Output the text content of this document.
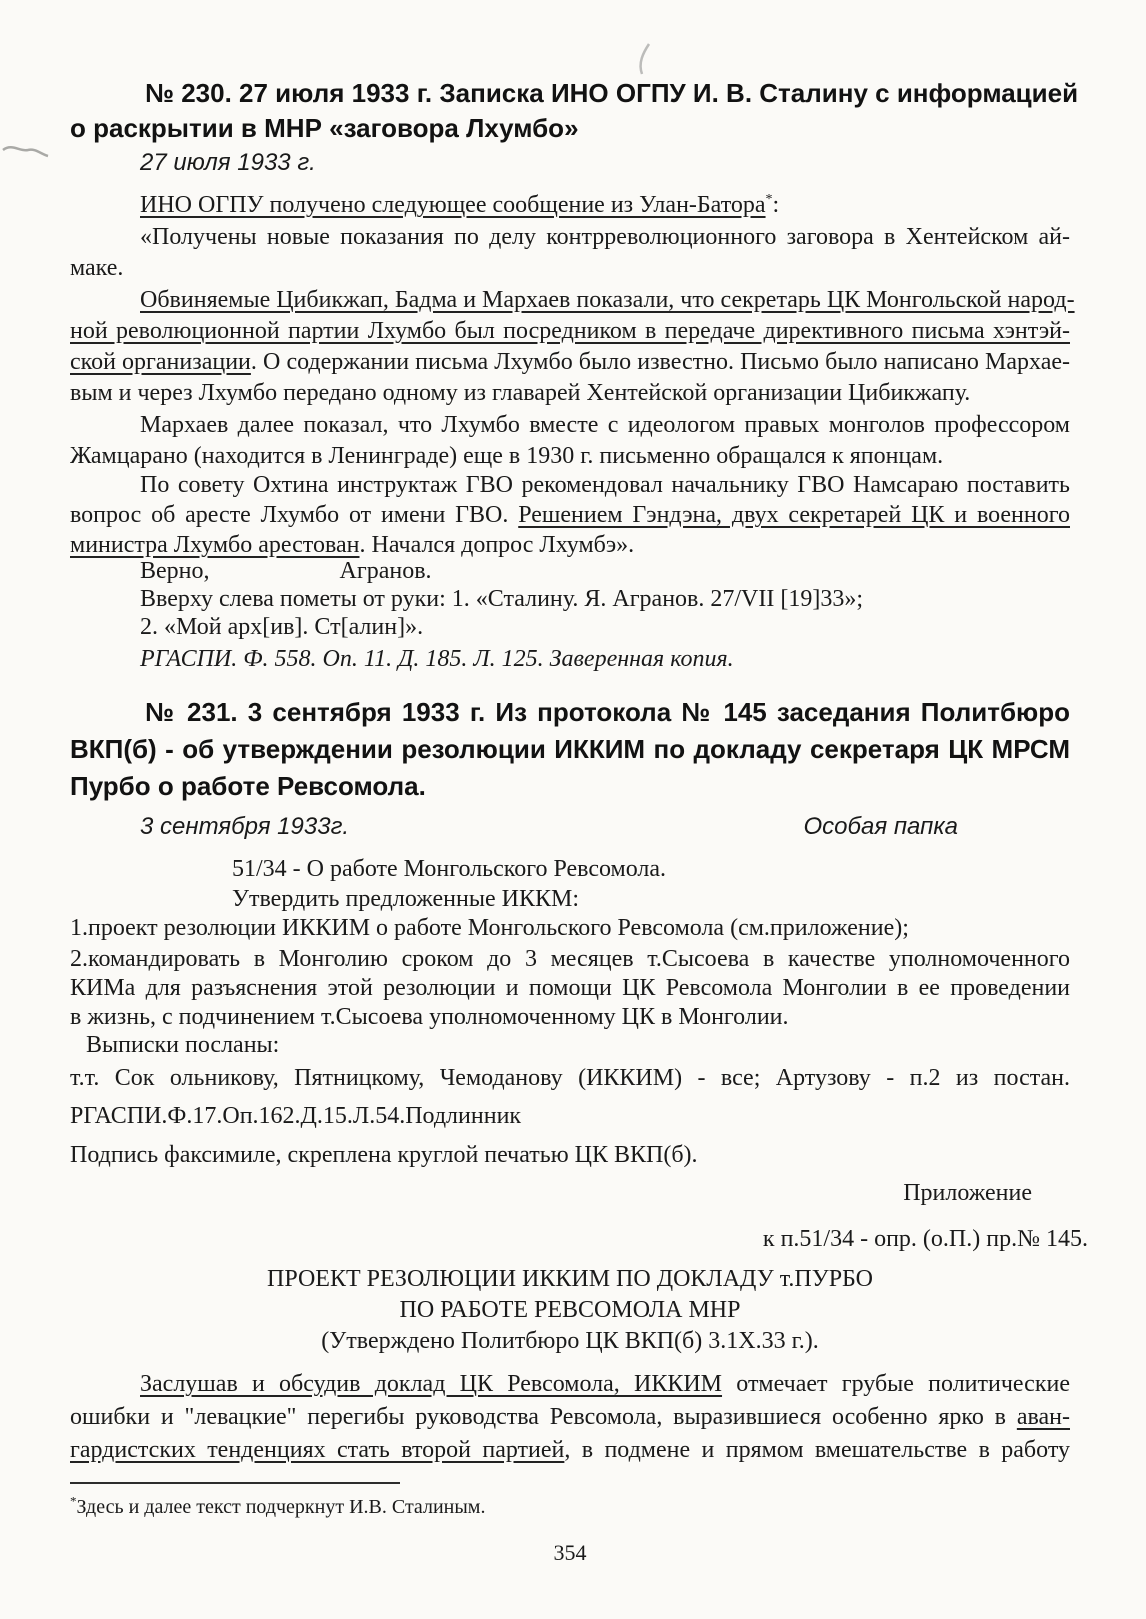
№ 230. 27 июля 1933 г. Записка ИНО ОГПУ И. В. Сталину с информацией
о раскрытии в МНР «заговора Лхумбо»
27 июля 1933 г.
ИНО ОГПУ получено следующее сообщение из Улан-Батора*:
«Получены новые показания по делу контрреволюционного заговора в Хентейском ай-
маке.
Обвиняемые Цибикжап, Бадма и Мархаев показали, что секретарь ЦК Монгольской народ-
ной революционной партии Лхумбо был посредником в передаче директивного письма хэнтэй-
ской организации. О содержании письма Лхумбо было известно. Письмо было написано Мархае-
вым и через Лхумбо передано одному из главарей Хентейской организации Цибикжапу.
Мархаев далее показал, что Лхумбо вместе с идеологом правых монголов профессором
Жамцарано (находится в Ленинграде) еще в 1930 г. письменно обращался к японцам.
По совету Охтина инструктаж ГВО рекомендовал начальнику ГВО Намсараю поставить
вопрос об аресте Лхумбо от имени ГВО. Решением Гэндэна, двух секретарей ЦК и военного
министра Лхумбо арестован. Начался допрос Лхумбэ».
Верно,	Агранов.
Вверху слева пометы от руки: 1. «Сталину. Я. Агранов. 27/VII [19]33»;
2. «Мой арх[ив]. Ст[алин]».
РГАСПИ. Ф. 558. Оп. 11. Д. 185. Л. 125. Заверенная копия.
№ 231. 3 сентября 1933 г. Из протокола № 145 заседания Политбюро
ВКП(б) - об утверждении резолюции ИККИМ по докладу секретаря ЦК МРСМ
Пурбо о работе Ревсомола.
3 сентября 1933г.	Особая папка
51/34 - О работе Монгольского Ревсомола.
Утвердить предложенные ИККМ:
1.проект резолюции ИККИМ о работе Монгольского Ревсомола (см.приложение);
2.командировать в Монголию сроком до 3 месяцев т.Сысоева в качестве уполномоченного
КИМа для разъяснения этой резолюции и помощи ЦК Ревсомола Монголии в ее проведении
в жизнь, с подчинением т.Сысоева уполномоченному ЦК в Монголии.
Выписки посланы:
т.т. Сок ольникову, Пятницкому, Чемоданову (ИККИМ) - все; Артузову - п.2 из постан.
РГАСПИ.Ф.17.Оп.162.Д.15.Л.54.Подлинник
Подпись факсимиле, скреплена круглой печатью ЦК ВКП(б).
Приложение
к п.51/34 - опр. (о.П.) пр.№ 145.
ПРОЕКТ РЕЗОЛЮЦИИ ИККИМ ПО ДОКЛАДУ т.ПУРБО
ПО РАБОТЕ РЕВСОМОЛА МНР
(Утверждено Политбюро ЦК ВКП(б) 3.1Х.33 г.).
Заслушав и обсудив доклад ЦК Ревсомола, ИККИМ отмечает грубые политические
ошибки и "левацкие" перегибы руководства Ревсомола, выразившиеся особенно ярко в аван-
гардистских тенденциях стать второй партией, в подмене и прямом вмешательстве в работу
*Здесь и далее текст подчеркнут И.В. Сталиным.
354
